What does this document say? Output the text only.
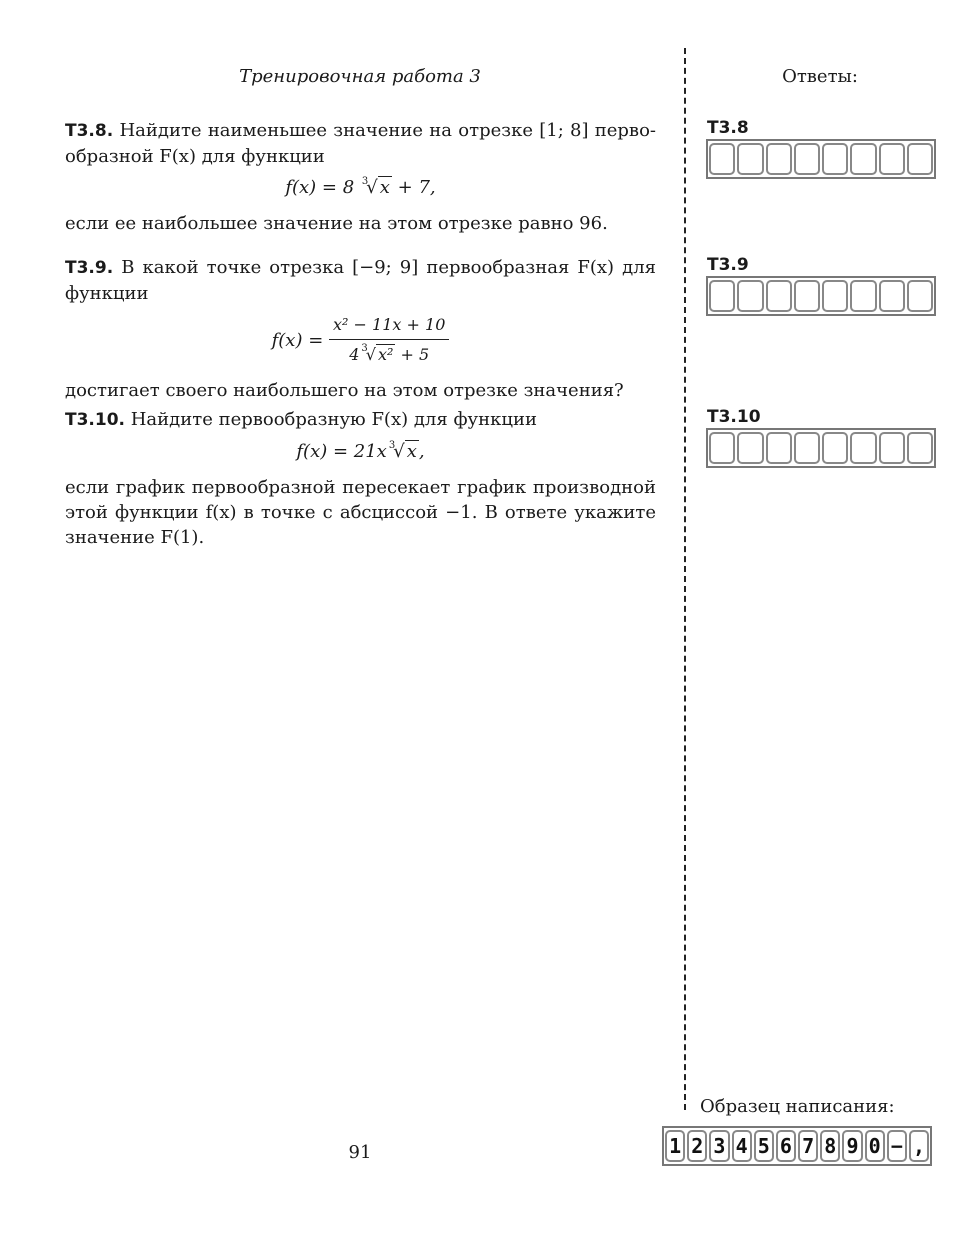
Тренировочная работа 3	Ответы:

Т3.8. Найдите наименьшее значение на отрезке [1; 8] перво-образной F(x) для функции

f(x) = 8 $^3$√ x + 7,

если ее наибольшее значение на этом отрезке равно 96.

Т3.9. В какой точке отрезка [−9; 9] первообразная F(x) для функции

$f(x) = \frac{\text{x² − 11x + 10}}{4 ^3√ x^2 + 5}$

достигает своего наибольшего на этом отрезке значения?

Т3.10. Найдите первообразную F(x) для функции

f(x) = 21x $^3$√ x ,

если график первообразной пересекает график производной этой функции f(x) в точке с абсциссой −1. В ответе укажите значение F(1).

Т3.8
Т3.9
Т3.10
Образец написания:
1 2 3 4 5 6 7 8 9 0 − ,
91
